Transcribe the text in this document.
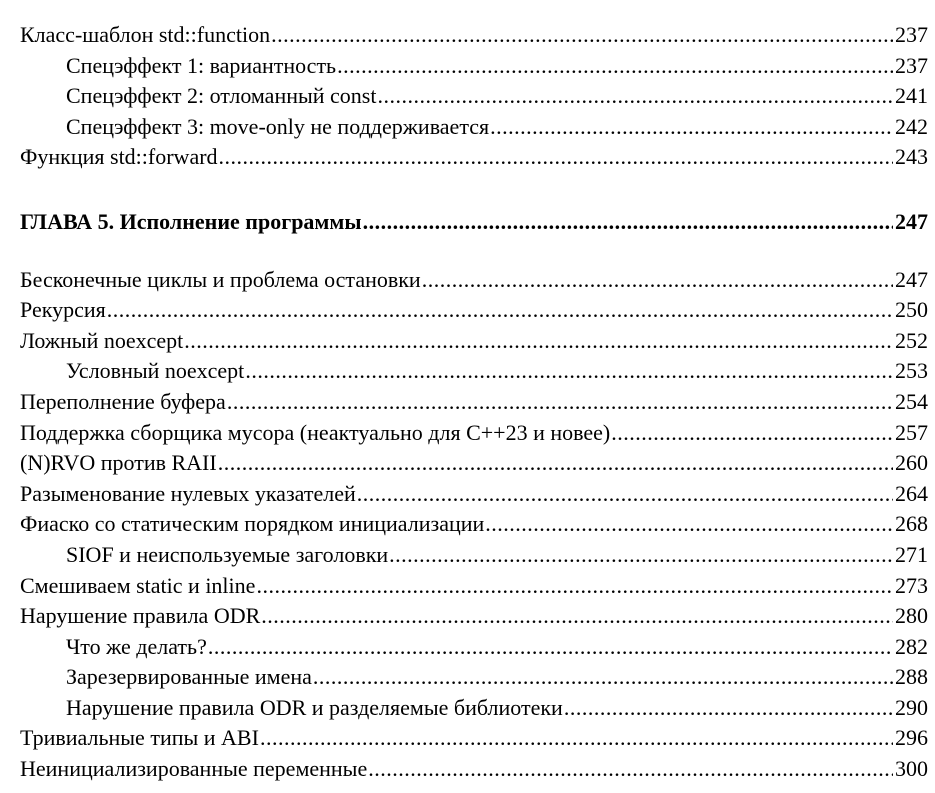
Класс-шаблон std::function .....	237
Спецэффект 1: вариантность .....	237
Спецэффект 2: отломанный const .....	241
Спецэффект 3: move-only не поддерживается .....	242
Функция std::forward .....	243
ГЛАВА 5. Исполнение программы .....	247
Бесконечные циклы и проблема остановки .....	247
Рекурсия .....	250
Ложный noexcept .....	252
Условный noexcept .....	253
Переполнение буфера .....	254
Поддержка сборщика мусора (неактуально для C++23 и новее) .....	257
(N)RVO против RAII .....	260
Разыменование нулевых указателей .....	264
Фиаско со статическим порядком инициализации .....	268
SIOF и неиспользуемые заголовки .....	271
Смешиваем static и inline .....	273
Нарушение правила ODR .....	280
Что же делать? .....	282
Зарезервированные имена .....	288
Нарушение правила ODR и разделяемые библиотеки .....	290
Тривиальные типы и ABI .....	296
Неинициализированные переменные .....	300
